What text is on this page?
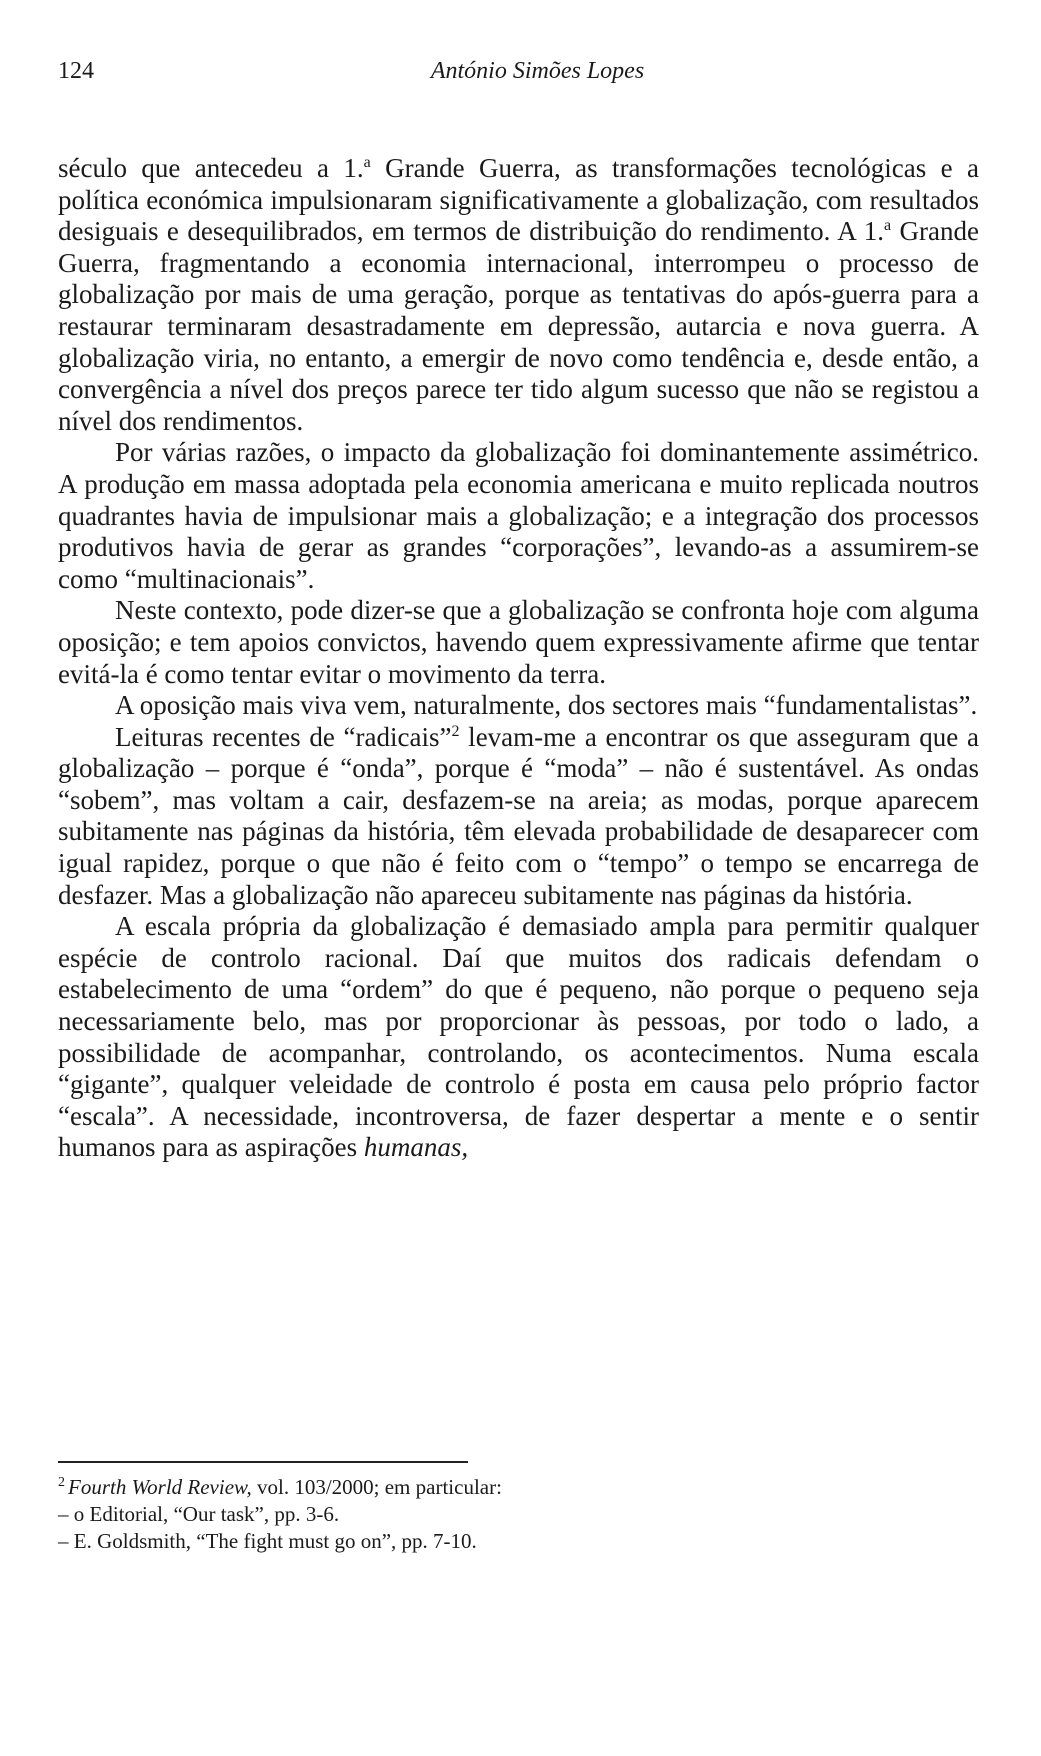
124	António Simões Lopes

século que antecedeu a 1.$^a$ Grande Guerra, as transformações tecnológicas e a política económica impulsionaram significativamente a globalização, com resultados desiguais e desequilibrados, em termos de distribuição do rendimento. A 1.$^a$ Grande Guerra, fragmentando a economia internacional, interrompeu o processo de globalização por mais de uma geração, porque as tentativas do após-guerra para a restaurar terminaram desastradamente em depressão, autarcia e nova guerra. A globalização viria, no entanto, a emergir de novo como tendência e, desde então, a convergência a nível dos preços parece ter tido algum sucesso que não se registou a nível dos rendimentos.

Por várias razões, o impacto da globalização foi dominantemente assimétrico. A produção em massa adoptada pela economia americana e muito replicada noutros quadrantes havia de impulsionar mais a globalização; e a integração dos processos produtivos havia de gerar as grandes “corporações”, levando-as a assumirem-se como “multinacionais”.

Neste contexto, pode dizer-se que a globalização se confronta hoje com alguma oposição; e tem apoios convictos, havendo quem expressivamente afirme que tentar evitá-la é como tentar evitar o movimento da terra.

A oposição mais viva vem, naturalmente, dos sectores mais “fundamentalistas”.

Leituras recentes de “radicais”$^2$ levam-me a encontrar os que asseguram que a globalização – porque é “onda”, porque é “moda” – não é sustentável. As ondas “sobem”, mas voltam a cair, desfazem-se na areia; as modas, porque aparecem subitamente nas páginas da história, têm elevada probabilidade de desaparecer com igual rapidez, porque o que não é feito com o “tempo” o tempo se encarrega de desfazer. Mas a globalização não apareceu subitamente nas páginas da história.

A escala própria da globalização é demasiado ampla para permitir qualquer espécie de controlo racional. Daí que muitos dos radicais defendam o estabelecimento de uma “ordem” do que é pequeno, não porque o pequeno seja necessariamente belo, mas por proporcionar às pessoas, por todo o lado, a possibilidade de acompanhar, controlando, os acontecimentos. Numa escala “gigante”, qualquer veleidade de controlo é posta em causa pelo próprio factor “escala”. A necessidade, incontroversa, de fazer despertar a mente e o sentir humanos para as aspirações humanas,

$^2$ Fourth World Review, vol. 103/2000; em particular:
– o Editorial, “Our task”, pp. 3-6.
– E. Goldsmith, “The fight must go on”, pp. 7-10.
